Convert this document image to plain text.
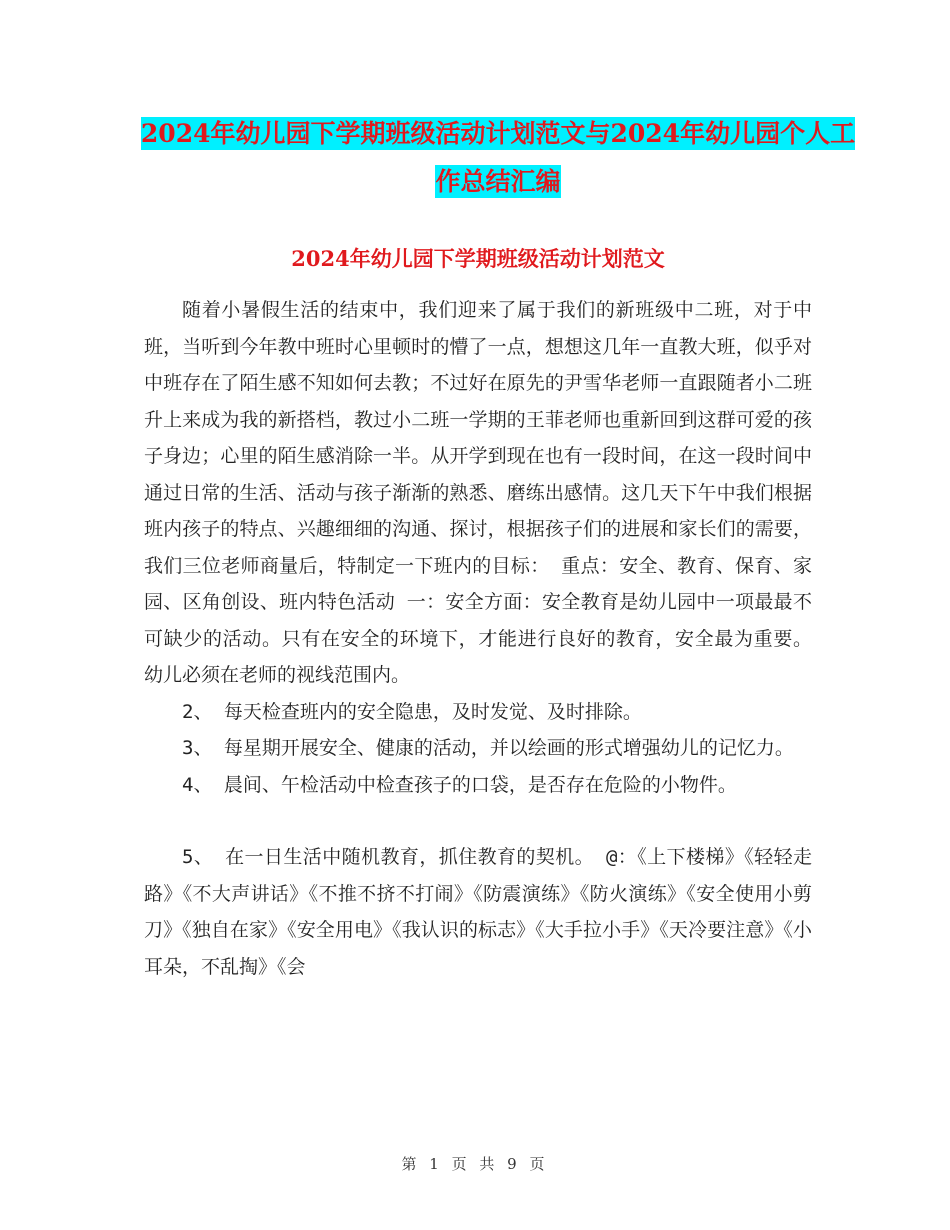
2024年幼儿园下学期班级活动计划范文与2024年幼儿园个人工作总结汇编
2024年幼儿园下学期班级活动计划范文

随着小暑假生活的结束中，我们迎来了属于我们的新班级中二班，对于中班，当听到今年教中班时心里顿时的懵了一点，想想这几年一直教大班，似乎对中班存在了陌生感不知如何去教；不过好在原先的尹雪华老师一直跟随者小二班升上来成为我的新搭档，教过小二班一学期的王菲老师也重新回到这群可爱的孩子身边；心里的陌生感消除一半。从开学到现在也有一段时间，在这一段时间中通过日常的生活、活动与孩子渐渐的熟悉、磨练出感情。这几天下午中我们根据班内孩子的特点、兴趣细细的沟通、探讨，根据孩子们的进展和家长们的需要，我们三位老师商量后，特制定一下班内的目标： 重点：安全、教育、保育、家园、区角创设、班内特色活动 一：安全方面：安全教育是幼儿园中一项最最不可缺少的活动。只有在安全的环境下，才能进行良好的教育，安全最为重要。 幼儿必须在老师的视线范围内。

2、 每天检查班内的安全隐患，及时发觉、及时排除。

3、 每星期开展安全、健康的活动，并以绘画的形式增强幼儿的记忆力。

4、 晨间、午检活动中检查孩子的口袋，是否存在危险的小物件。

5、 在一日生活中随机教育，抓住教育的契机。 @：《上下楼梯》《轻轻走路》《不大声讲话》《不推不挤不打闹》《防震演练》《防火演练》《安全使用小剪刀》《独自在家》《安全用电》《我认识的标志》《大手拉小手》《天冷要注意》《小耳朵，不乱掏》《会

第 1 页 共 9 页
